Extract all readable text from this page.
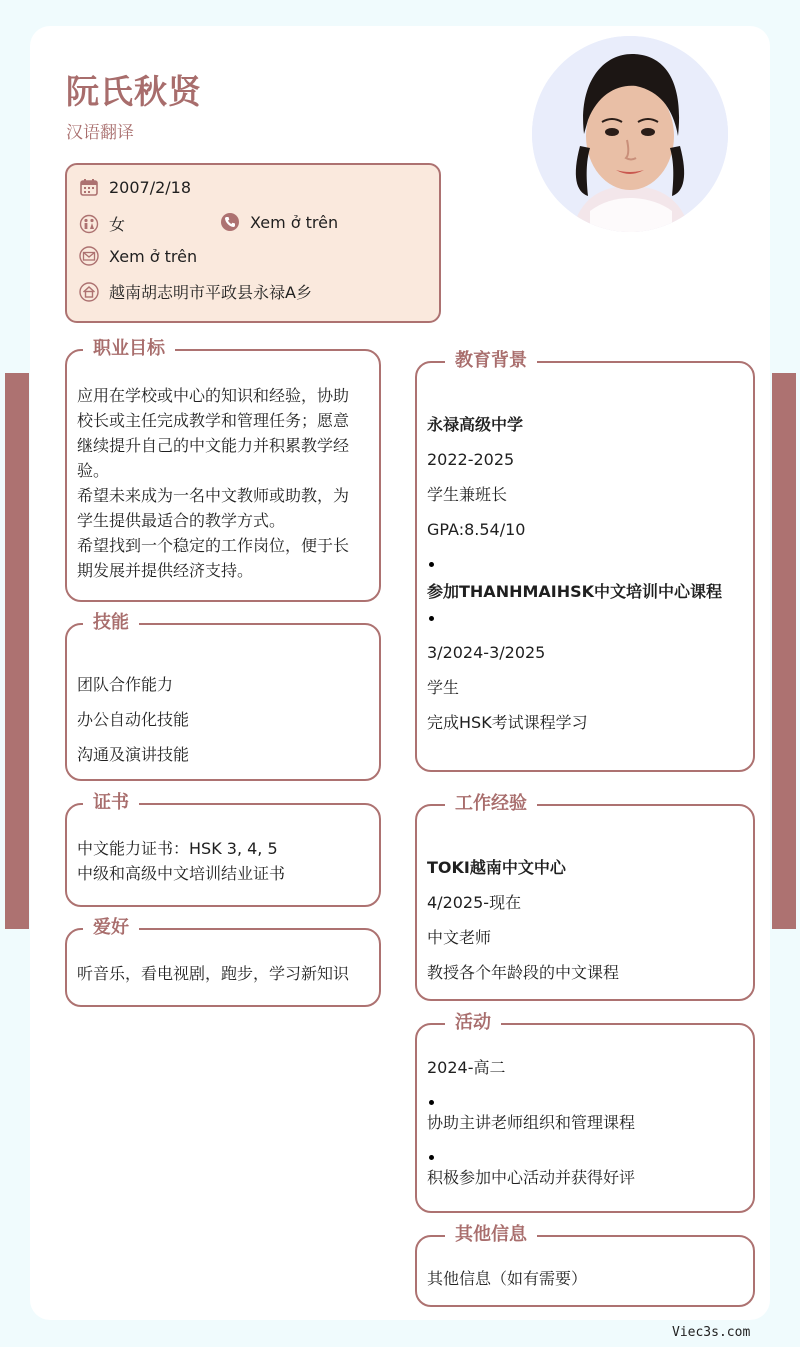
阮氏秋贤
汉语翻译
2007/2/18
女	Xem ở trên
Xem ở trên
越南胡志明市平政县永禄A乡
职业目标
应用在学校或中心的知识和经验，协助
校长或主任完成教学和管理任务；愿意
继续提升自己的中文能力并积累教学经
验。
希望未来成为一名中文教师或助教，为
学生提供最适合的教学方式。
希望找到一个稳定的工作岗位，便于长
期发展并提供经济支持。
技能
团队合作能力
办公自动化技能
沟通及演讲技能
证书
中文能力证书：HSK 3, 4, 5
中级和高级中文培训结业证书
爱好
听音乐，看电视剧，跑步，学习新知识
教育背景
永禄高级中学
2022-2025
学生兼班长
GPA:8.54/10
参加THANHMAIHSK中文培训中心课程
3/2024-3/2025
学生
完成HSK考试课程学习
工作经验
TOKI越南中文中心
4/2025-现在
中文老师
教授各个年龄段的中文课程
活动
2024-高二
协助主讲老师组织和管理课程
积极参加中心活动并获得好评
其他信息
其他信息（如有需要）
Viec3s.com
